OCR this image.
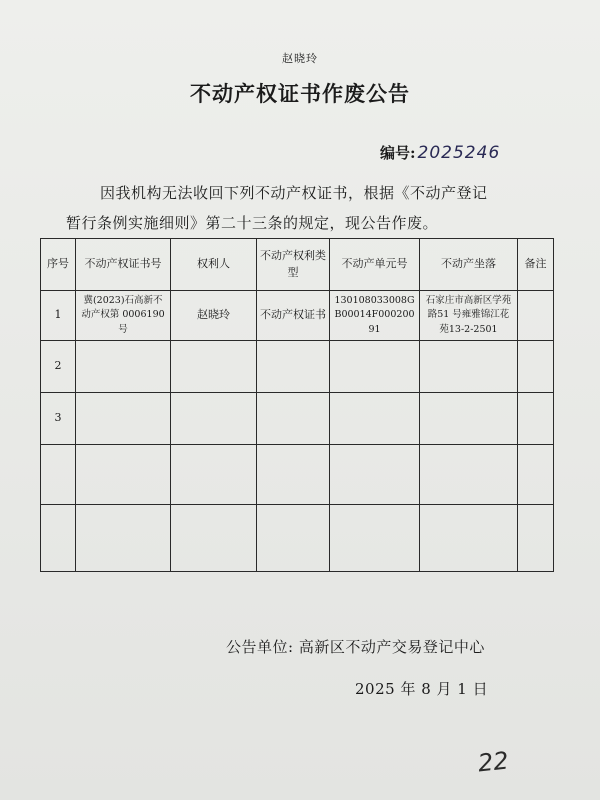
赵晓玲
不动产权证书作废公告
编号: 2025246
因我机构无法收回下列不动产权证书，根据《不动产登记
暂行条例实施细则》第二十三条的规定，现公告作废。
序号	不动产权证书号	权利人	不动产权利类型	不动产单元号	不动产坐落	备注
1	冀(2023)石高新不动产权第 0006190 号	赵晓玲	不动产权证书	130108033008GB00014F00020091	石家庄市高新区学苑路51 号雍雅锦江花苑13-2-2501	
2						
3						

公告单位: 高新区不动产交易登记中心
2025 年 8 月 1 日
22
